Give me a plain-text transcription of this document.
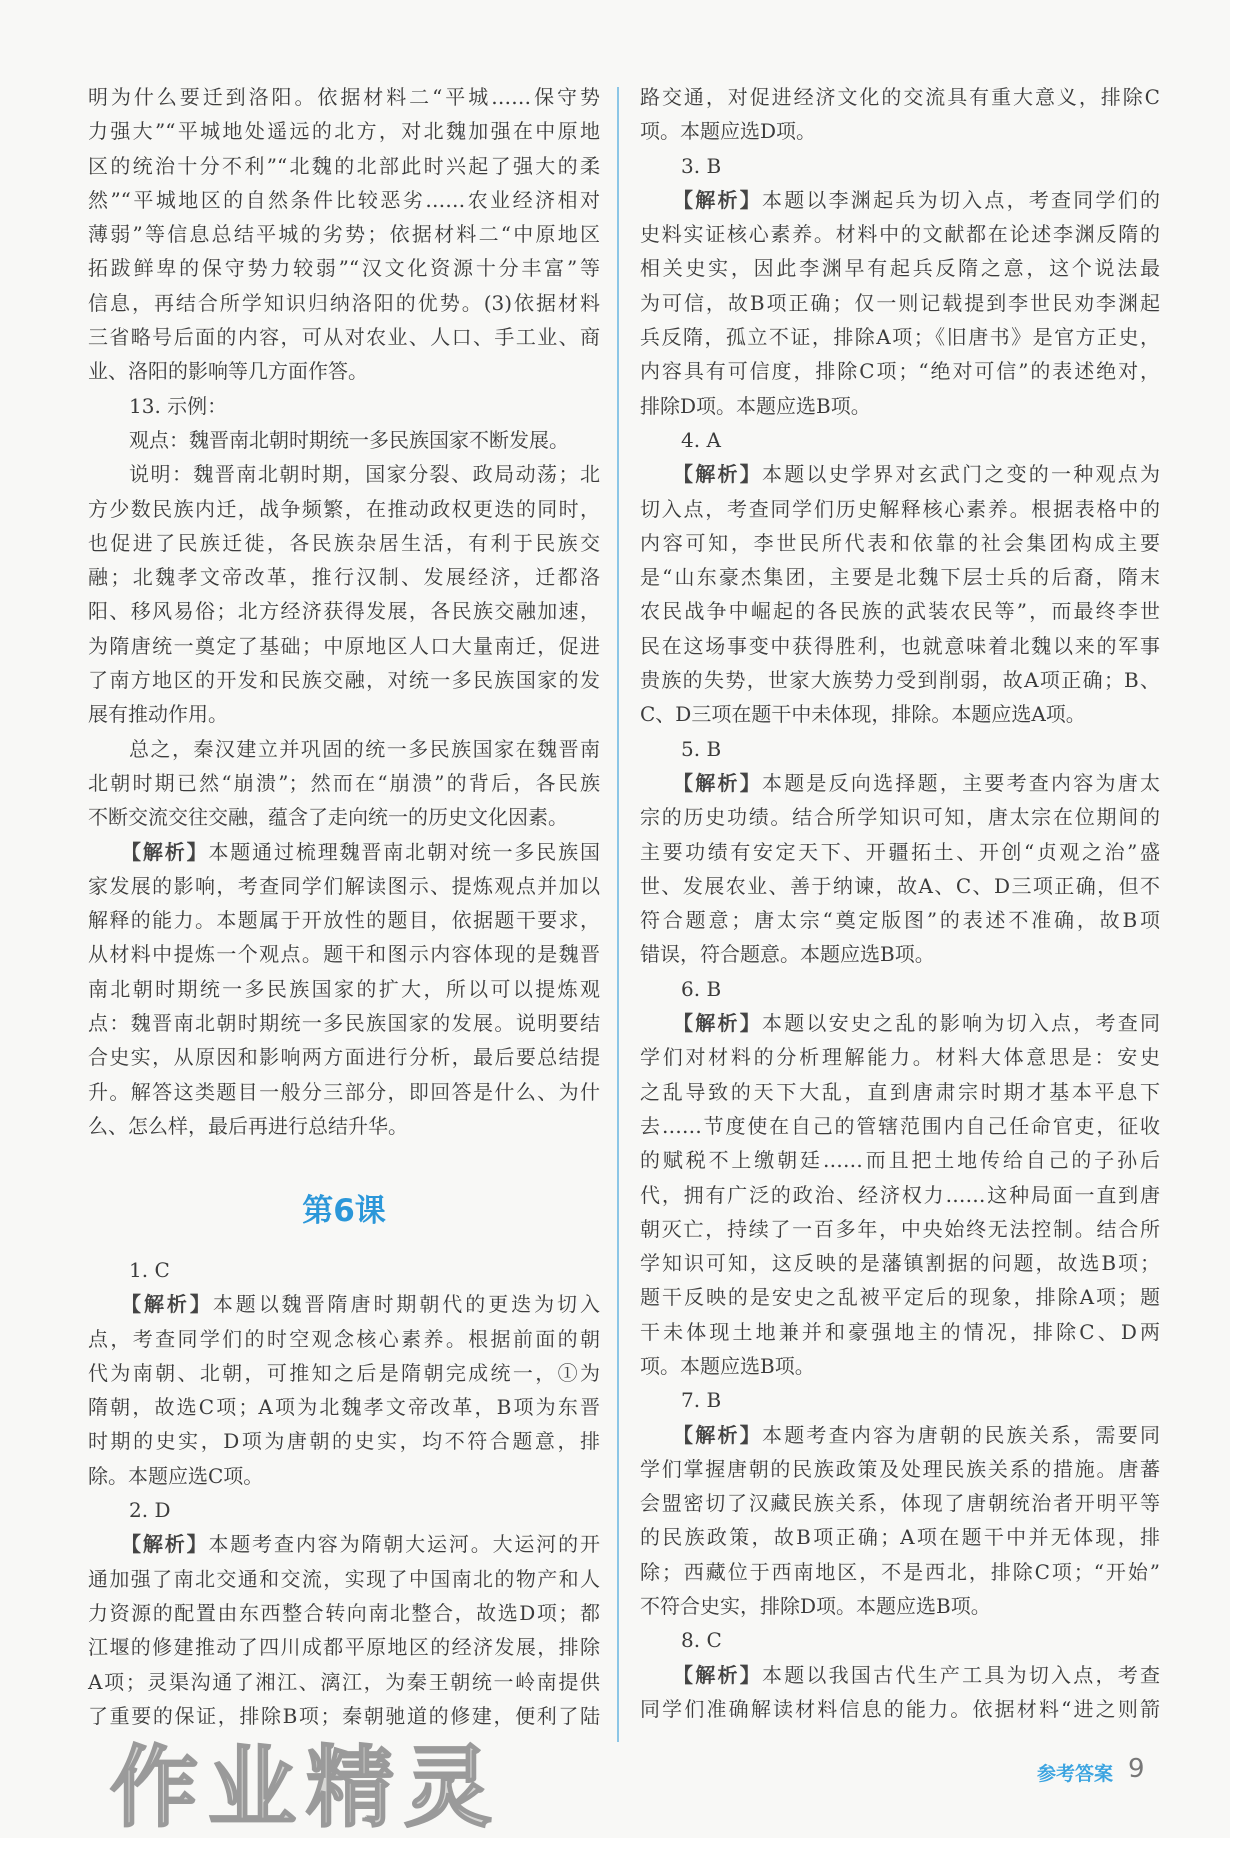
明为什么要迁到洛阳。依据材料二“平城……保守势
力强大”“平城地处遥远的北方，对北魏加强在中原地
区的统治十分不利”“北魏的北部此时兴起了强大的柔
然”“平城地区的自然条件比较恶劣……农业经济相对
薄弱”等信息总结平城的劣势；依据材料二“中原地区
拓跋鲜卑的保守势力较弱”“汉文化资源十分丰富”等
信息，再结合所学知识归纳洛阳的优势。(3)依据材料
三省略号后面的内容，可从对农业、人口、手工业、商
业、洛阳的影响等几方面作答。
13. 示例：
观点：魏晋南北朝时期统一多民族国家不断发展。
说明：魏晋南北朝时期，国家分裂、政局动荡；北
方少数民族内迁，战争频繁，在推动政权更迭的同时，
也促进了民族迁徙，各民族杂居生活，有利于民族交
融；北魏孝文帝改革，推行汉制、发展经济，迁都洛
阳、移风易俗；北方经济获得发展，各民族交融加速，
为隋唐统一奠定了基础；中原地区人口大量南迁，促进
了南方地区的开发和民族交融，对统一多民族国家的发
展有推动作用。
总之，秦汉建立并巩固的统一多民族国家在魏晋南
北朝时期已然“崩溃”；然而在“崩溃”的背后，各民族
不断交流交往交融，蕴含了走向统一的历史文化因素。
【解析】本题通过梳理魏晋南北朝对统一多民族国
家发展的影响，考查同学们解读图示、提炼观点并加以
解释的能力。本题属于开放性的题目，依据题干要求，
从材料中提炼一个观点。题干和图示内容体现的是魏晋
南北朝时期统一多民族国家的扩大，所以可以提炼观
点：魏晋南北朝时期统一多民族国家的发展。说明要结
合史实，从原因和影响两方面进行分析，最后要总结提
升。解答这类题目一般分三部分，即回答是什么、为什
么、怎么样，最后再进行总结升华。
第6课
1. C
【解析】本题以魏晋隋唐时期朝代的更迭为切入
点，考查同学们的时空观念核心素养。根据前面的朝
代为南朝、北朝，可推知之后是隋朝完成统一，①为
隋朝，故选C项；A项为北魏孝文帝改革，B项为东晋
时期的史实，D项为唐朝的史实，均不符合题意，排
除。本题应选C项。
2. D
【解析】本题考查内容为隋朝大运河。大运河的开
通加强了南北交通和交流，实现了中国南北的物产和人
力资源的配置由东西整合转向南北整合，故选D项；都
江堰的修建推动了四川成都平原地区的经济发展，排除
A项；灵渠沟通了湘江、漓江，为秦王朝统一岭南提供
了重要的保证，排除B项；秦朝驰道的修建，便利了陆
路交通，对促进经济文化的交流具有重大意义，排除C
项。本题应选D项。
3. B
【解析】本题以李渊起兵为切入点，考查同学们的
史料实证核心素养。材料中的文献都在论述李渊反隋的
相关史实，因此李渊早有起兵反隋之意，这个说法最
为可信，故B项正确；仅一则记载提到李世民劝李渊起
兵反隋，孤立不证，排除A项；《旧唐书》是官方正史，
内容具有可信度，排除C项；“绝对可信”的表述绝对，
排除D项。本题应选B项。
4. A
【解析】本题以史学界对玄武门之变的一种观点为
切入点，考查同学们历史解释核心素养。根据表格中的
内容可知，李世民所代表和依靠的社会集团构成主要
是“山东豪杰集团，主要是北魏下层士兵的后裔，隋末
农民战争中崛起的各民族的武装农民等”，而最终李世
民在这场事变中获得胜利，也就意味着北魏以来的军事
贵族的失势，世家大族势力受到削弱，故A项正确；B、
C、D三项在题干中未体现，排除。本题应选A项。
5. B
【解析】本题是反向选择题，主要考查内容为唐太
宗的历史功绩。结合所学知识可知，唐太宗在位期间的
主要功绩有安定天下、开疆拓土、开创“贞观之治”盛
世、发展农业、善于纳谏，故A、C、D三项正确，但不
符合题意；唐太宗“奠定版图”的表述不准确，故B项
错误，符合题意。本题应选B项。
6. B
【解析】本题以安史之乱的影响为切入点，考查同
学们对材料的分析理解能力。材料大体意思是：安史
之乱导致的天下大乱，直到唐肃宗时期才基本平息下
去……节度使在自己的管辖范围内自己任命官吏，征收
的赋税不上缴朝廷……而且把土地传给自己的子孙后
代，拥有广泛的政治、经济权力……这种局面一直到唐
朝灭亡，持续了一百多年，中央始终无法控制。结合所
学知识可知，这反映的是藩镇割据的问题，故选B项；
题干反映的是安史之乱被平定后的现象，排除A项；题
干未体现土地兼并和豪强地主的情况，排除C、D两
项。本题应选B项。
7. B
【解析】本题考查内容为唐朝的民族关系，需要同
学们掌握唐朝的民族政策及处理民族关系的措施。唐蕃
会盟密切了汉藏民族关系，体现了唐朝统治者开明平等
的民族政策，故B项正确；A项在题干中并无体现，排
除；西藏位于西南地区，不是西北，排除C项；“开始”
不符合史实，排除D项。本题应选B项。
8. C
【解析】本题以我国古代生产工具为切入点，考查
同学们准确解读材料信息的能力。依据材料“进之则箭
参考答案 9
作业精灵
